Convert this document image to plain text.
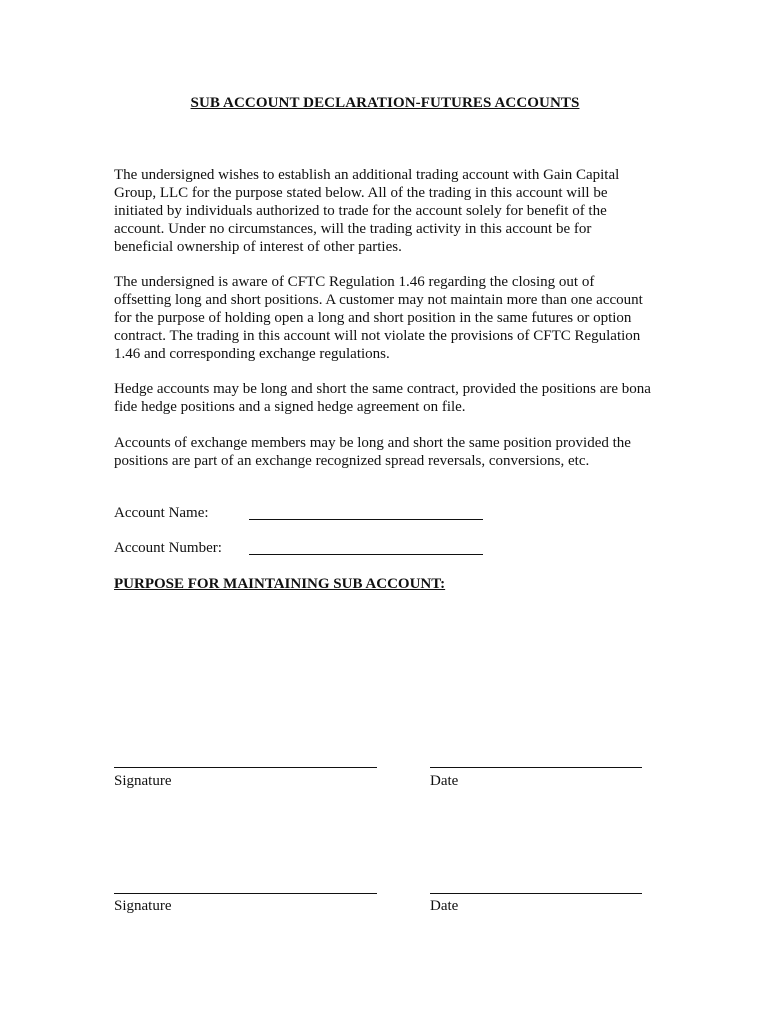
SUB ACCOUNT DECLARATION-FUTURES ACCOUNTS

The undersigned wishes to establish an additional trading account with Gain Capital
Group, LLC for the purpose stated below. All of the trading in this account will be
initiated by individuals authorized to trade for the account solely for benefit of the
account. Under no circumstances, will the trading activity in this account be for
beneficial ownership of interest of other parties.

The undersigned is aware of CFTC Regulation 1.46 regarding the closing out of
offsetting long and short positions. A customer may not maintain more than one account
for the purpose of holding open a long and short position in the same futures or option
contract. The trading in this account will not violate the provisions of CFTC Regulation
1.46 and corresponding exchange regulations.

Hedge accounts may be long and short the same contract, provided the positions are bona
fide hedge positions and a signed hedge agreement on file.

Accounts of exchange members may be long and short the same position provided the
positions are part of an exchange recognized spread reversals, conversions, etc.

Account Name:
Account Number:
PURPOSE FOR MAINTAINING SUB ACCOUNT:
Signature	Date
Signature	Date
